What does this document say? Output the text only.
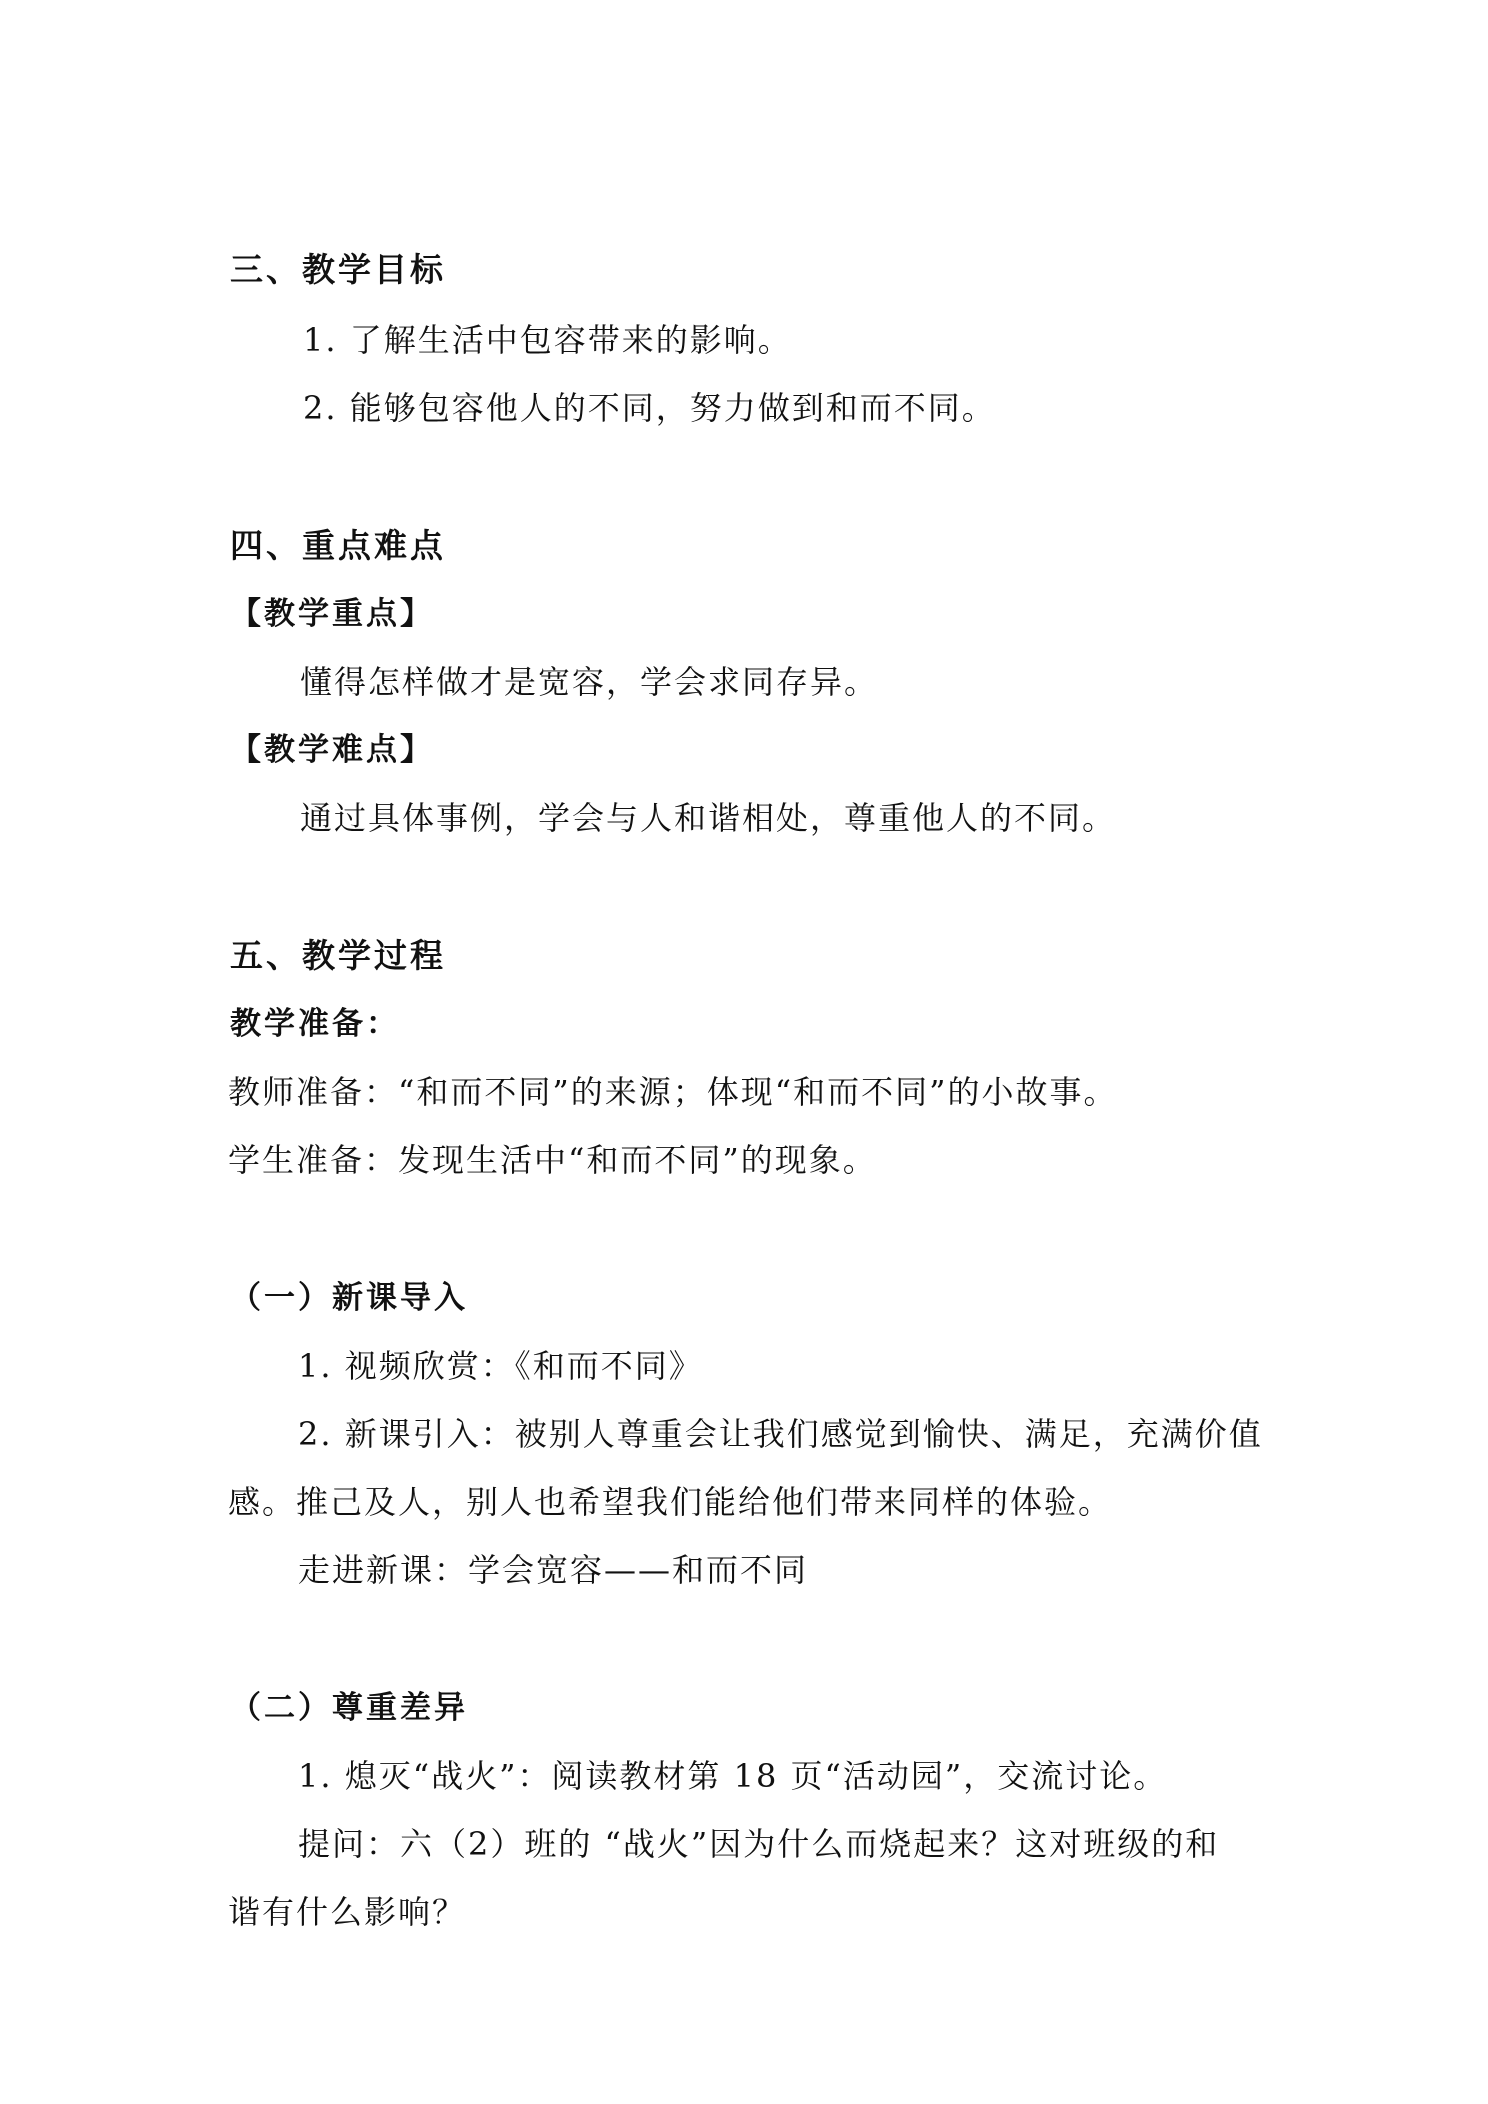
三、教学目标
1. 了解生活中包容带来的影响。
2. 能够包容他人的不同，努力做到和而不同。
四、重点难点
【教学重点】
懂得怎样做才是宽容，学会求同存异。
【教学难点】
通过具体事例，学会与人和谐相处，尊重他人的不同。
五、教学过程
教学准备：
教师准备：“和而不同”的来源；体现“和而不同”的小故事。
学生准备：发现生活中“和而不同”的现象。
（一）新课导入
1. 视频欣赏：《和而不同》
2. 新课引入：被别人尊重会让我们感觉到愉快、满足，充满价值
感。推己及人，别人也希望我们能给他们带来同样的体验。
走进新课：学会宽容——和而不同
（二）尊重差异
1. 熄灭“战火”：阅读教材第 18 页“活动园”，交流讨论。
提问：六（2）班的 “战火”因为什么而烧起来？这对班级的和
谐有什么影响？
